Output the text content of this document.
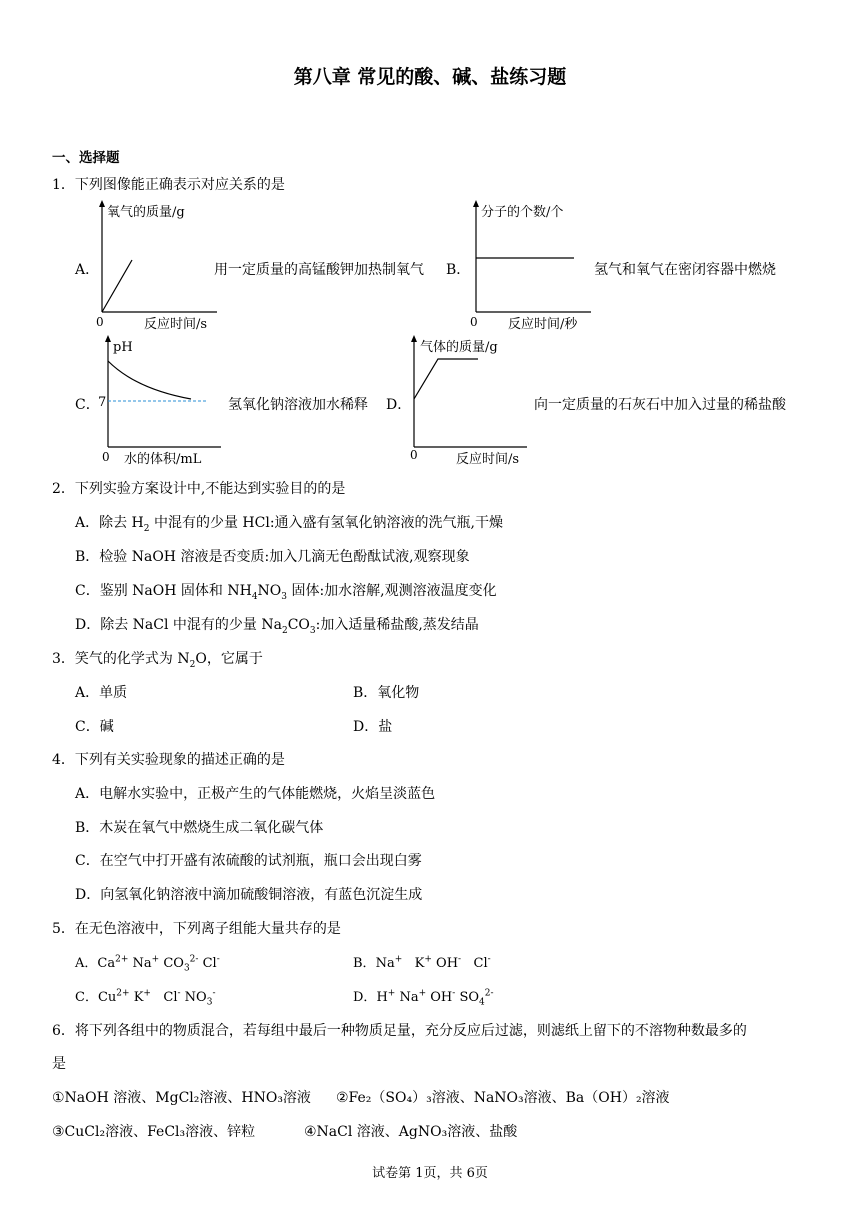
第八章 常见的酸、碱、盐练习题
一、选择题
1．下列图像能正确表示对应关系的是
A．
氧气的质量/g
0	反应时间/s
用一定质量的高锰酸钾加热制氧气 B．
分子的个数/个
0 反应时间/秒
氢气和氧气在密闭容器中燃烧
C．
pH
7
0 水的体积/mL
氢氧化钠溶液加水稀释 D．
气体的质量/g
0	反应时间/s
向一定质量的石灰石中加入过量的稀盐酸
2．下列实验方案设计中,不能达到实验目的的是
A．除去 $H_2$ 中混有的少量 HCl:通入盛有氢氧化钠溶液的洗气瓶,干燥
B．检验 NaOH 溶液是否变质:加入几滴无色酚酞试液,观察现象
C．鉴别 NaOH 固体和 $NH_4NO_3$ 固体:加水溶解,观测溶液温度变化
D．除去 NaCl 中混有的少量 $Na_2CO_3$:加入适量稀盐酸,蒸发结晶
3．笑气的化学式为 $N_2O$，它属于
A．单质	B．氧化物
C．碱	D．盐
4．下列有关实验现象的描述正确的是
A．电解水实验中，正极产生的气体能燃烧，火焰呈淡蓝色
B．木炭在氧气中燃烧生成二氧化碳气体
C．在空气中打开盛有浓硫酸的试剂瓶，瓶口会出现白雾
D．向氢氧化钠溶液中滴加硫酸铜溶液，有蓝色沉淀生成
5．在无色溶液中，下列离子组能大量共存的是
A．$Ca^{2+}$ Na+ $CO_3^{2-}$ Cl-	B．Na+   K+ OH-   Cl-
C．$Cu^{2+}$ K+   Cl- $NO_3^-$	D．H+ Na+ OH- $SO_4^{2-}$
6．将下列各组中的物质混合，若每组中最后一种物质足量，充分反应后过滤，则滤纸上留下的不溶物种数最多的
是
①NaOH 溶液、MgCl₂溶液、HNO₃溶液 ②Fe₂（SO₄）₃溶液、NaNO₃溶液、Ba（OH）₂溶液
③CuCl₂溶液、FeCl₃溶液、锌粒	④NaCl 溶液、AgNO₃溶液、盐酸
试卷第 1页，共 6页
